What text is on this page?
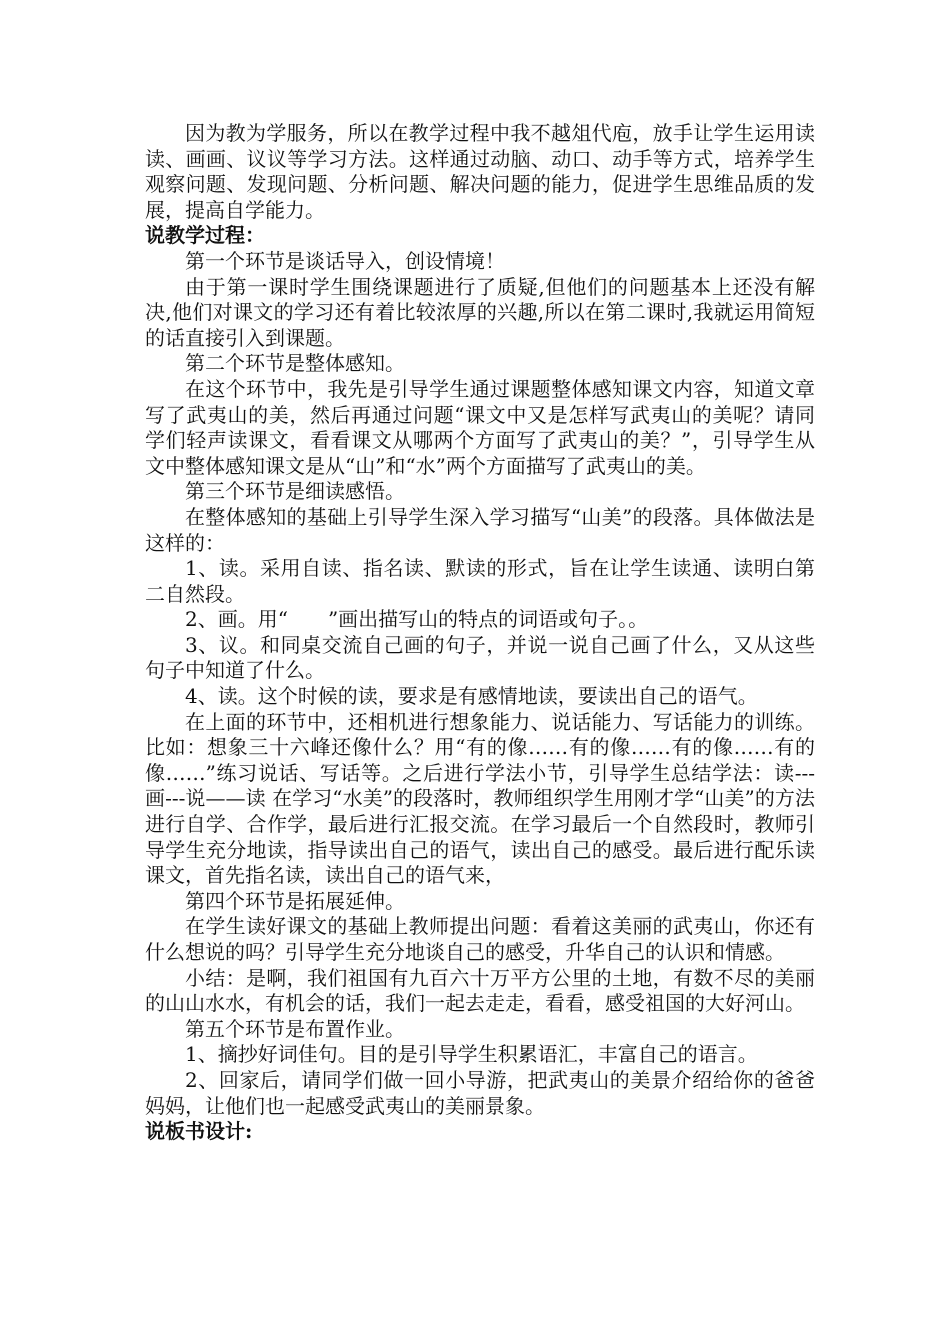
因为教为学服务，所以在教学过程中我不越俎代庖，放手让学生运用读读、画画、议议等学习方法。这样通过动脑、动口、动手等方式，培养学生观察问题、发现问题、分析问题、解决问题的能力，促进学生思维品质的发展，提高自学能力。

说教学过程：

第一个环节是谈话导入，创设情境！

由于第一课时学生围绕课题进行了质疑,但他们的问题基本上还没有解决,他们对课文的学习还有着比较浓厚的兴趣,所以在第二课时,我就运用简短的话直接引入到课题。

第二个环节是整体感知。

在这个环节中，我先是引导学生通过课题整体感知课文内容，知道文章写了武夷山的美，然后再通过问题“课文中又是怎样写武夷山的美呢？请同学们轻声读课文，看看课文从哪两个方面写了武夷山的美？”，引导学生从文中整体感知课文是从“山”和“水”两个方面描写了武夷山的美。

第三个环节是细读感悟。

在整体感知的基础上引导学生深入学习描写“山美”的段落。具体做法是这样的：

1、读。采用自读、指名读、默读的形式，旨在让学生读通、读明白第二自然段。

2、画。用“　　”画出描写山的特点的词语或句子。。

3、议。和同桌交流自己画的句子，并说一说自己画了什么，又从这些句子中知道了什么。

4、读。这个时候的读，要求是有感情地读，要读出自己的语气。

在上面的环节中，还相机进行想象能力、说话能力、写话能力的训练。比如：想象三十六峰还像什么？用“有的像……有的像……有的像……有的像……”练习说话、写话等。之后进行学法小节，引导学生总结学法：读---画---说——读 在学习“水美”的段落时，教师组织学生用刚才学“山美”的方法进行自学、合作学，最后进行汇报交流。在学习最后一个自然段时，教师引导学生充分地读，指导读出自己的语气，读出自己的感受。最后进行配乐读课文，首先指名读，读出自己的语气来，

第四个环节是拓展延伸。

在学生读好课文的基础上教师提出问题：看着这美丽的武夷山，你还有什么想说的吗？引导学生充分地谈自己的感受，升华自己的认识和情感。

小结：是啊，我们祖国有九百六十万平方公里的土地，有数不尽的美丽的山山水水，有机会的话，我们一起去走走，看看，感受祖国的大好河山。

第五个环节是布置作业。

1、摘抄好词佳句。目的是引导学生积累语汇，丰富自己的语言。

2、回家后，请同学们做一回小导游，把武夷山的美景介绍给你的爸爸妈妈，让他们也一起感受武夷山的美丽景象。

说板书设计:
